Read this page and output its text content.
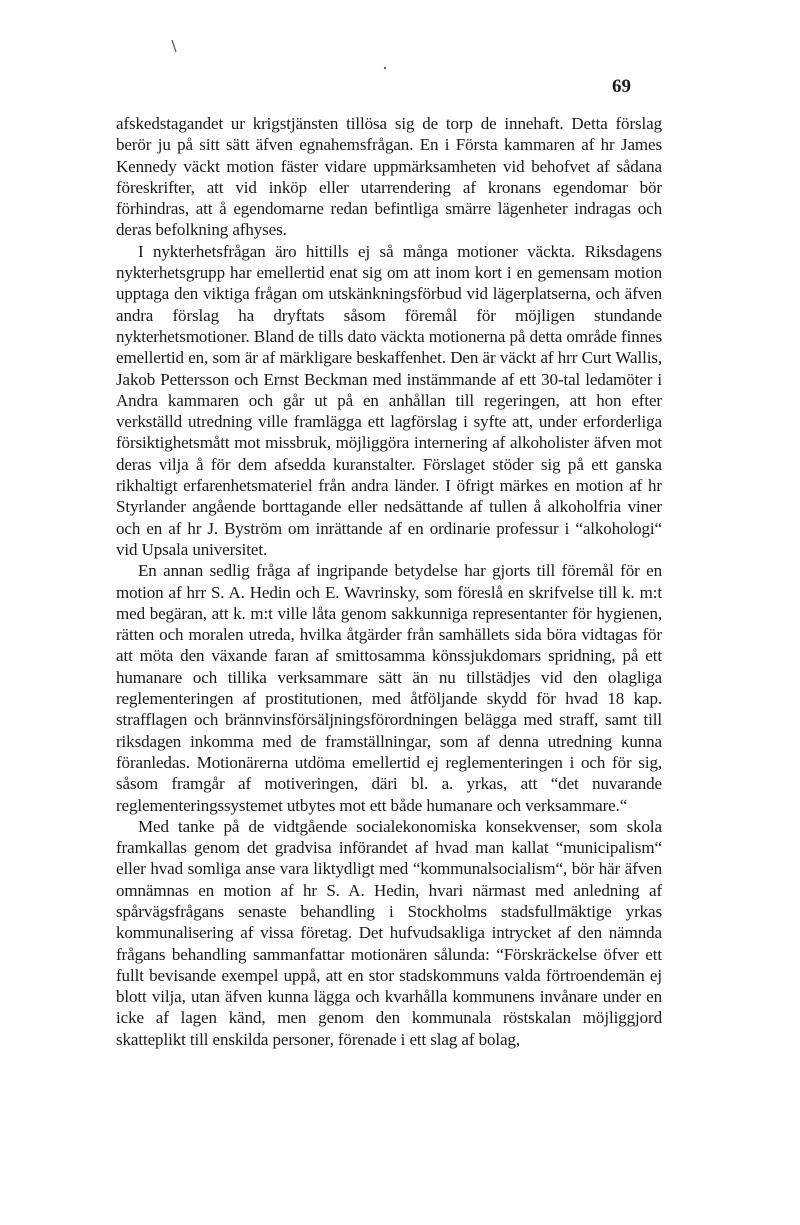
69

afskedstagandet ur krigstjänsten tillösa sig de torp de innehaft. Detta förslag berör ju på sitt sätt äfven egnahemsfrågan. En i Första kammaren af hr James Kennedy väckt motion fäster vidare uppmärksamheten vid behofvet af sådana föreskrifter, att vid inköp eller utarrendering af kronans egendomar bör förhindras, att å egendomarne redan befintliga smärre lägenheter indragas och deras befolkning afhyses.

I nykterhetsfrågan äro hittills ej så många motioner väckta. Riksdagens nykterhetsgrupp har emellertid enat sig om att inom kort i en gemensam motion upptaga den viktiga frågan om utskänkningsförbud vid lägerplatserna, och äfven andra förslag ha dryftats såsom föremål för möjligen stundande nykterhetsmotioner. Bland de tills dato väckta motionerna på detta område finnes emellertid en, som är af märkligare beskaffenhet. Den är väckt af hrr Curt Wallis, Jakob Pettersson och Ernst Beckman med instämmande af ett 30-tal ledamöter i Andra kammaren och går ut på en anhållan till regeringen, att hon efter verkställd utredning ville framlägga ett lagförslag i syfte att, under erforderliga försiktighetsmått mot missbruk, möjliggöra internering af alkoholister äfven mot deras vilja å för dem afsedda kuranstalter. Förslaget stöder sig på ett ganska rikhaltigt erfarenhetsmateriel från andra länder. I öfrigt märkes en motion af hr Styrlander angående borttagande eller nedsättande af tullen å alkoholfria viner och en af hr J. Byström om inrättande af en ordinarie professur i “alkohologi“ vid Upsala universitet.

En annan sedlig fråga af ingripande betydelse har gjorts till föremål för en motion af hrr S. A. Hedin och E. Wavrinsky, som föreslå en skrifvelse till k. m:t med begäran, att k. m:t ville låta genom sakkunniga representanter för hygienen, rätten och moralen utreda, hvilka åtgärder från samhällets sida böra vidtagas för att möta den växande faran af smittosamma könssjukdomars spridning, på ett humanare och tillika verksammare sätt än nu tillstädjes vid den olagliga reglementeringen af prostitutionen, med åtföljande skydd för hvad 18 kap. strafflagen och brännvinsförsäljningsförordningen belägga med straff, samt till riksdagen inkomma med de framställningar, som af denna utredning kunna föranledas. Motionärerna utdöma emellertid ej reglementeringen i och för sig, såsom framgår af motiveringen, däri bl. a. yrkas, att “det nuvarande reglementeringssystemet utbytes mot ett både humanare och verksammare.“

Med tanke på de vidtgående socialekonomiska konsekvenser, som skola framkallas genom det gradvisa införandet af hvad man kallat “municipalism“ eller hvad somliga anse vara liktydligt med “kommunalsocialism“, bör här äfven omnämnas en motion af hr S. A. Hedin, hvari närmast med anledning af spårvägsfrågans senaste behandling i Stockholms stadsfullmäktige yrkas kommunalisering af vissa företag. Det hufvudsakliga intrycket af den nämnda frågans behandling sammanfattar motionären sålunda: “Förskräckelse öfver ett fullt bevisande exempel uppå, att en stor stadskommuns valda förtroendemän ej blott vilja, utan äfven kunna lägga och kvarhålla kommunens invånare under en icke af lagen känd, men genom den kommunala röstskalan möjliggjord skatteplikt till enskilda personer, förenade i ett slag af bolag,
